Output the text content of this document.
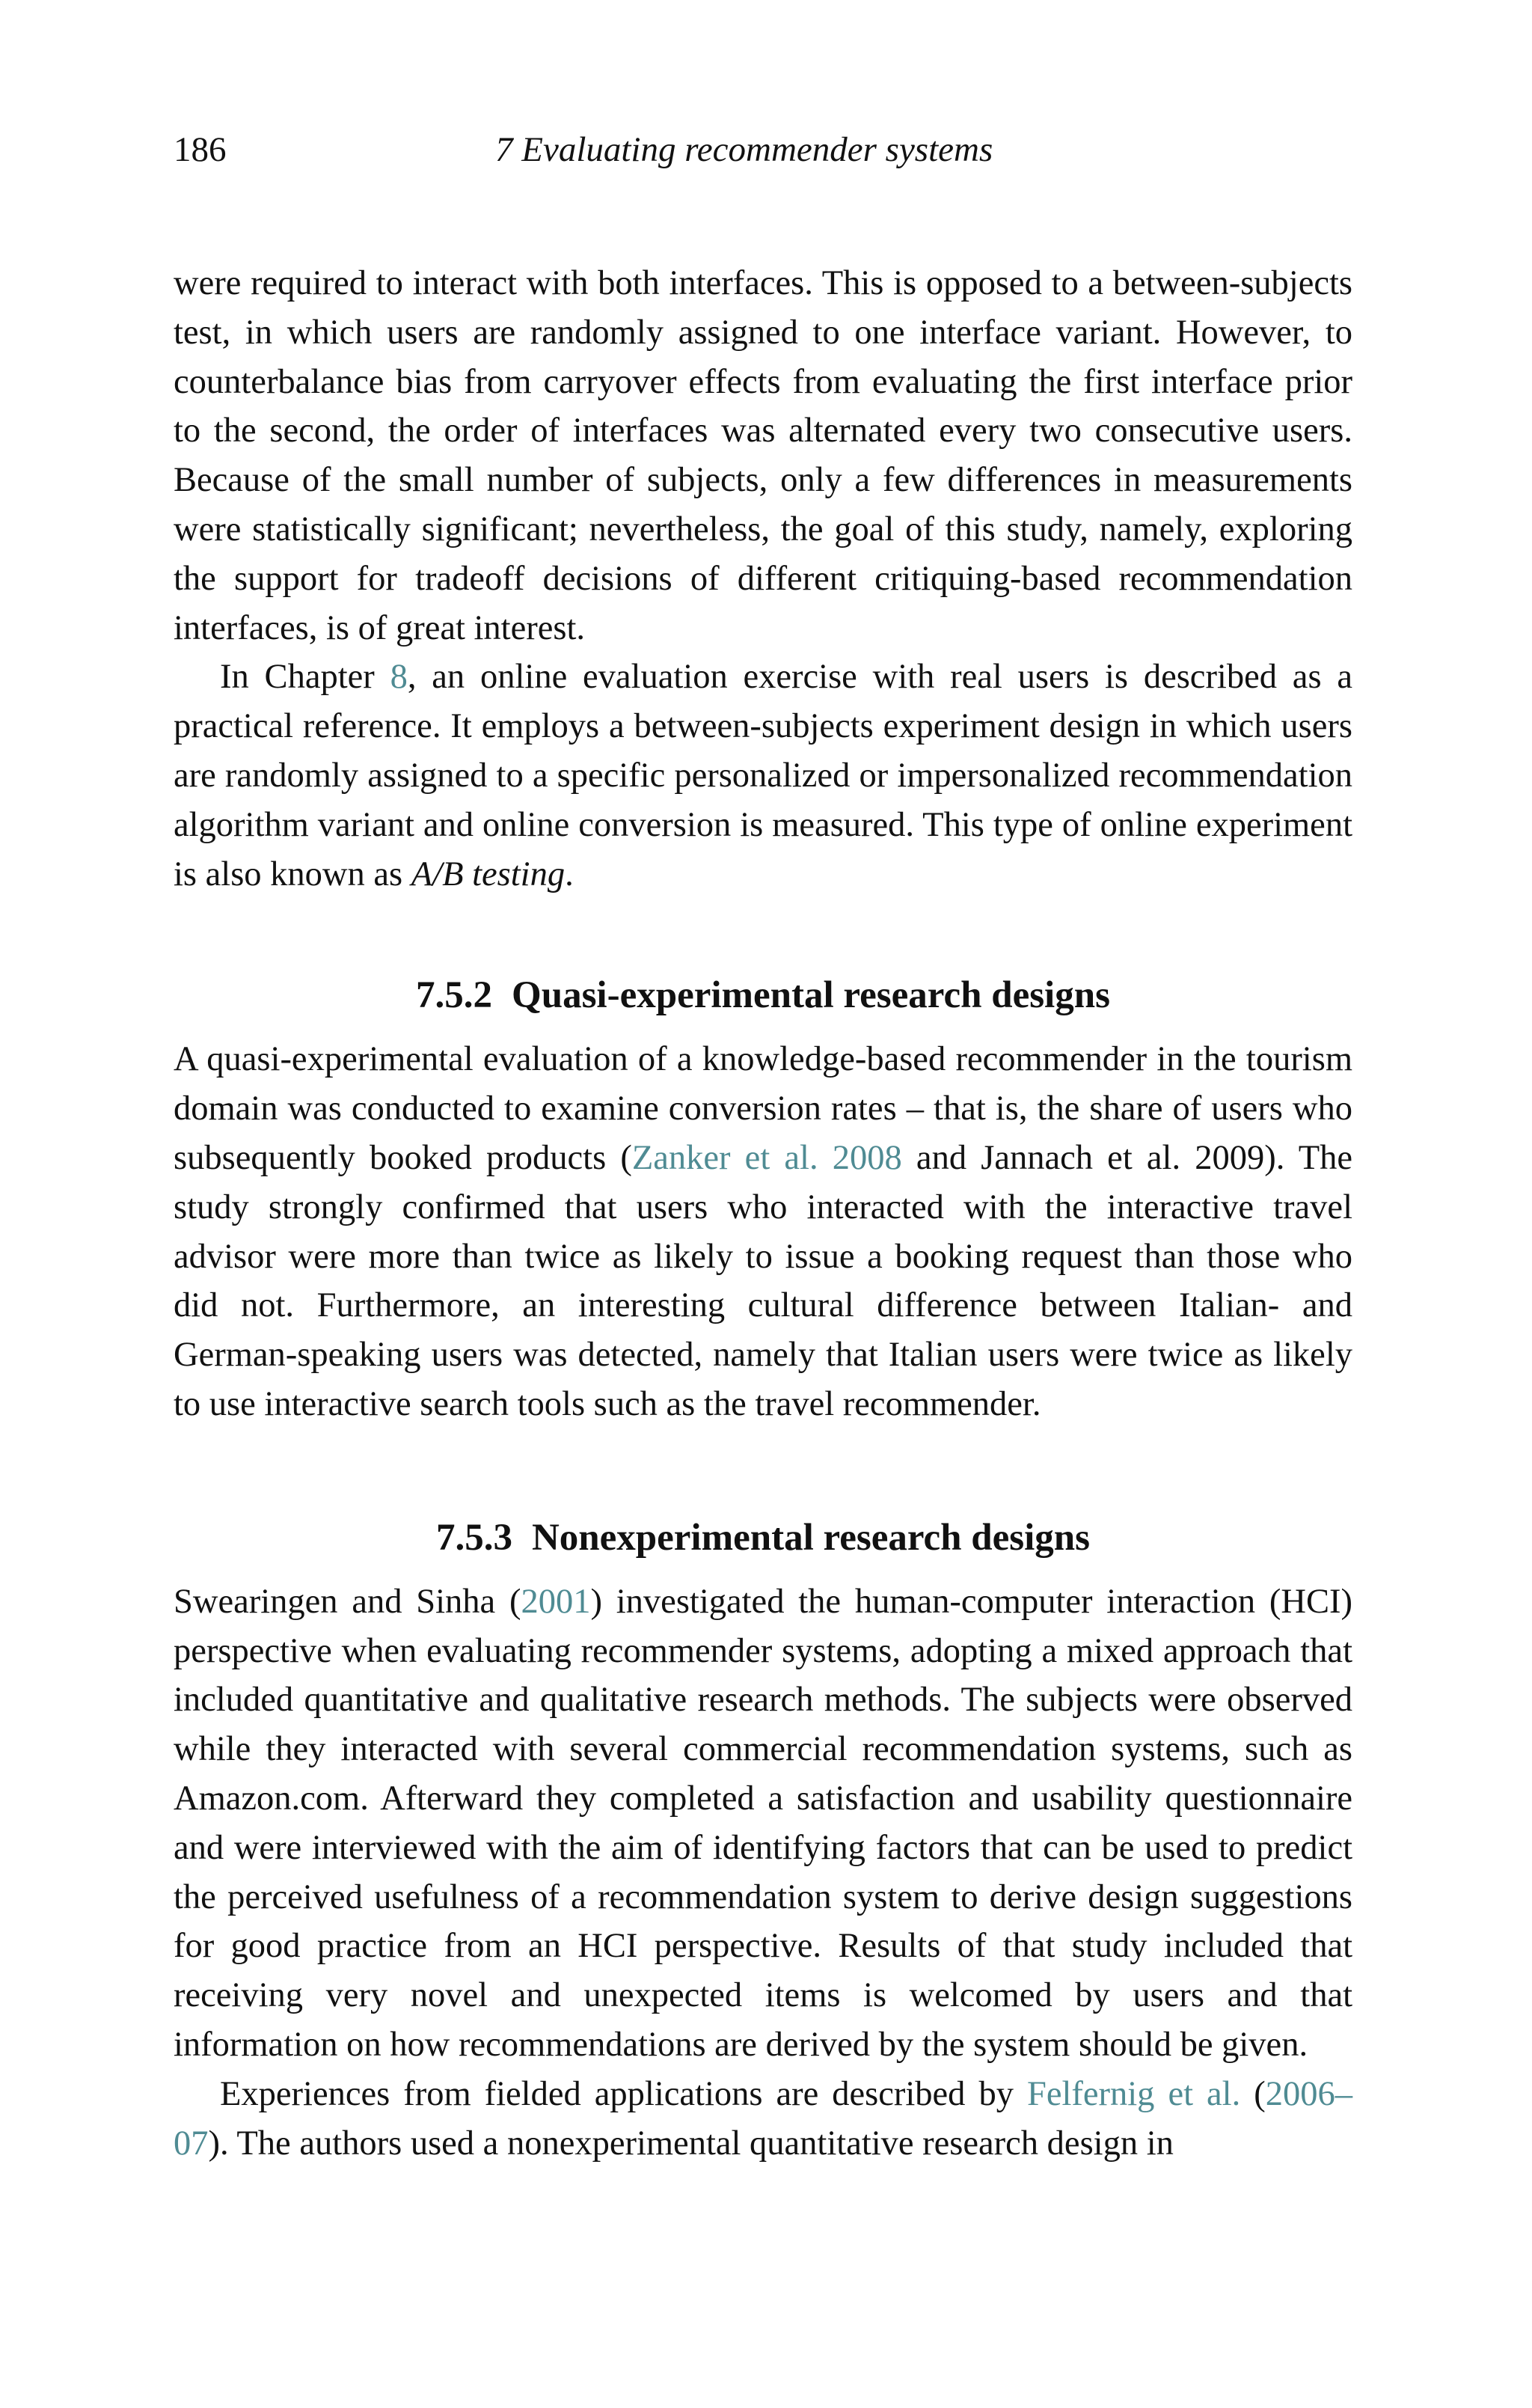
186	7 Evaluating recommender systems

were required to interact with both interfaces. This is opposed to a between-subjects test, in which users are randomly assigned to one interface variant. However, to counterbalance bias from carryover effects from evaluating the first interface prior to the second, the order of interfaces was alternated every two consecutive users. Because of the small number of subjects, only a few differences in measurements were statistically significant; nevertheless, the goal of this study, namely, exploring the support for tradeoff decisions of different critiquing-based recommendation interfaces, is of great interest.

In Chapter 8, an online evaluation exercise with real users is described as a practical reference. It employs a between-subjects experiment design in which users are randomly assigned to a specific personalized or impersonalized recommendation algorithm variant and online conversion is measured. This type of online experiment is also known as A/B testing.

7.5.2 Quasi-experimental research designs

A quasi-experimental evaluation of a knowledge-based recommender in the tourism domain was conducted to examine conversion rates – that is, the share of users who subsequently booked products (Zanker et al. 2008 and Jannach et al. 2009). The study strongly confirmed that users who interacted with the interactive travel advisor were more than twice as likely to issue a booking request than those who did not. Furthermore, an interesting cultural difference between Italian- and German-speaking users was detected, namely that Italian users were twice as likely to use interactive search tools such as the travel recommender.

7.5.3 Nonexperimental research designs

Swearingen and Sinha (2001) investigated the human-computer interaction (HCI) perspective when evaluating recommender systems, adopting a mixed approach that included quantitative and qualitative research methods. The subjects were observed while they interacted with several commercial recommendation systems, such as Amazon.com. Afterward they completed a satisfaction and usability questionnaire and were interviewed with the aim of identifying factors that can be used to predict the perceived usefulness of a recommendation system to derive design suggestions for good practice from an HCI perspective. Results of that study included that receiving very novel and unexpected items is welcomed by users and that information on how recommendations are derived by the system should be given.

Experiences from fielded applications are described by Felfernig et al. (2006–07). The authors used a nonexperimental quantitative research design in
